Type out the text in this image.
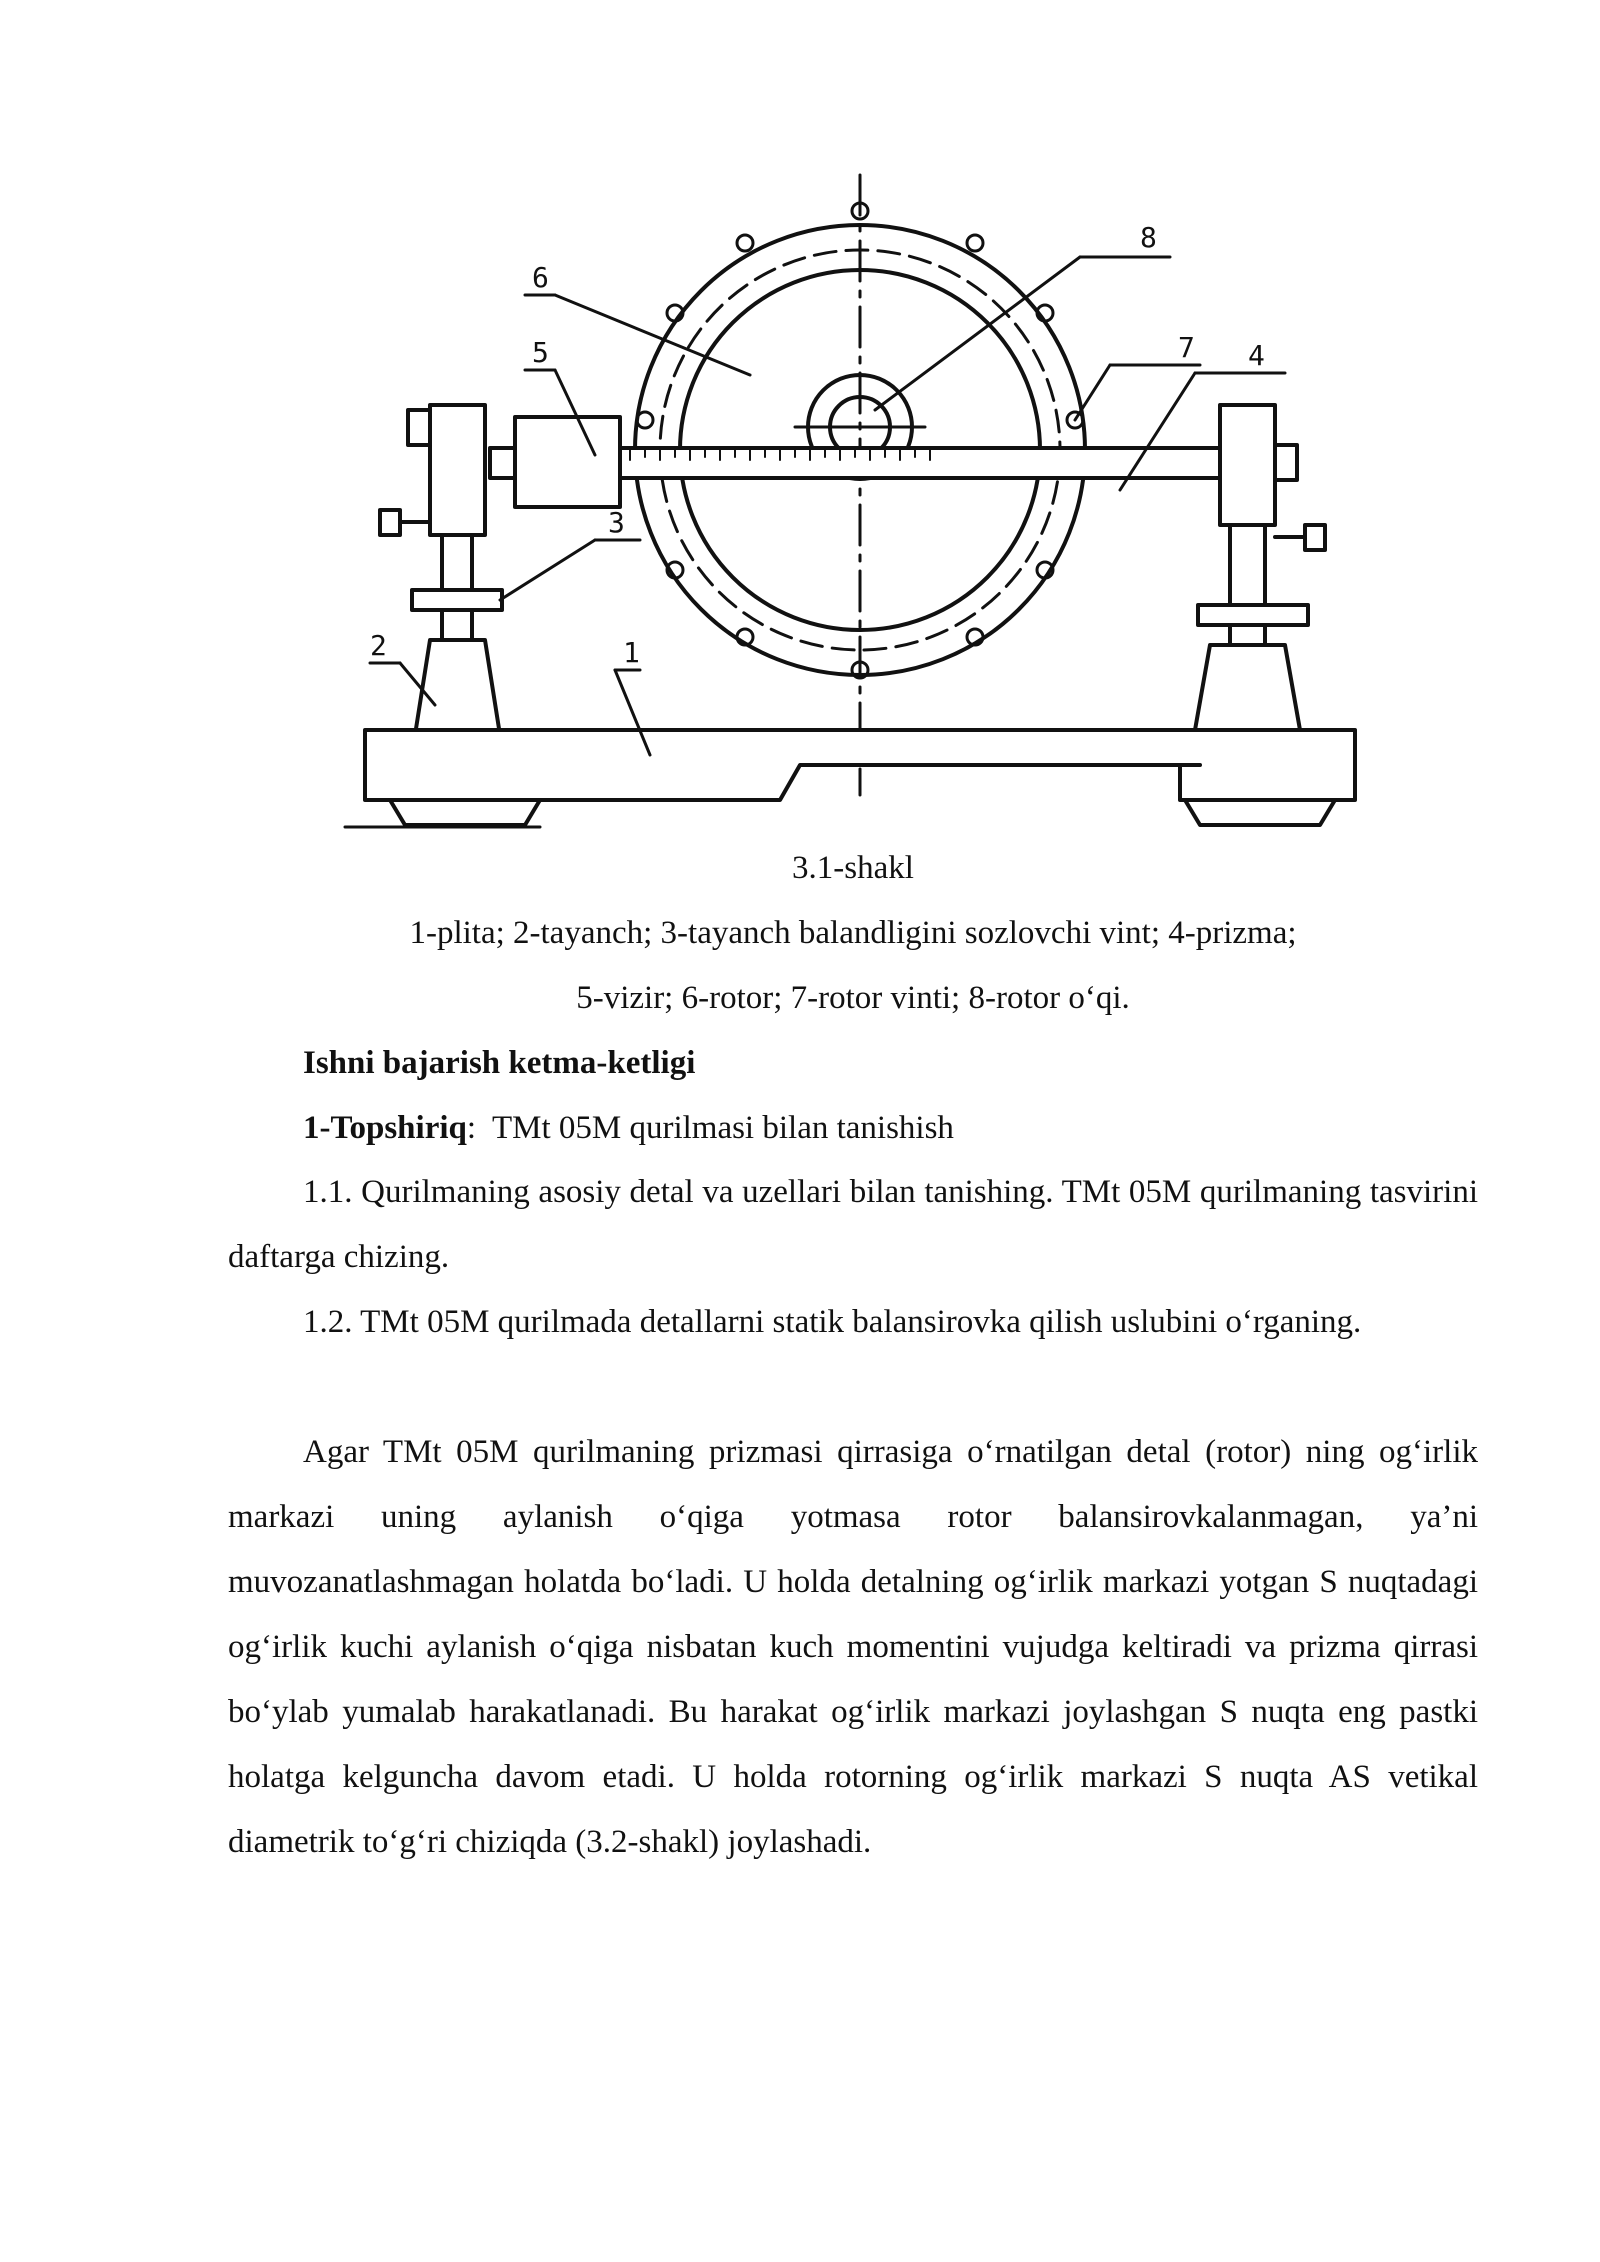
6
5
8
7 4
3
2	1
3.1-shakl
1-plita; 2-tayanch; 3-tayanch balandligini sozlovchi vint; 4-prizma;
5-vizir; 6-rotor; 7-rotor vinti; 8-rotor o‘qi.
Ishni bajarish ketma-ketligi
1-Topshiriq: TMt 05M qurilmasi bilan tanishish

1.1. Qurilmaning asosiy detal va uzellari bilan tanishing. TMt 05M qurilmaning tasvirini daftarga chizing.

1.2. TMt 05M qurilmada detallarni statik balansirovka qilish uslubini o‘rganing.

Agar TMt 05M qurilmaning prizmasi qirrasiga o‘rnatilgan detal (rotor) ning og‘irlik markazi uning aylanish o‘qiga yotmasa rotor balansirovkalanmagan, ya’ni muvozanatlashmagan holatda bo‘ladi. U holda detalning og‘irlik markazi yotgan S nuqtadagi og‘irlik kuchi aylanish o‘qiga nisbatan kuch momentini vujudga keltiradi va prizma qirrasi bo‘ylab yumalab harakatlanadi. Bu harakat og‘irlik markazi joylashgan S nuqta eng pastki holatga kelguncha davom etadi. U holda rotorning og‘irlik markazi S nuqta AS vetikal diametrik to‘g‘ri chiziqda (3.2-shakl) joylashadi.
